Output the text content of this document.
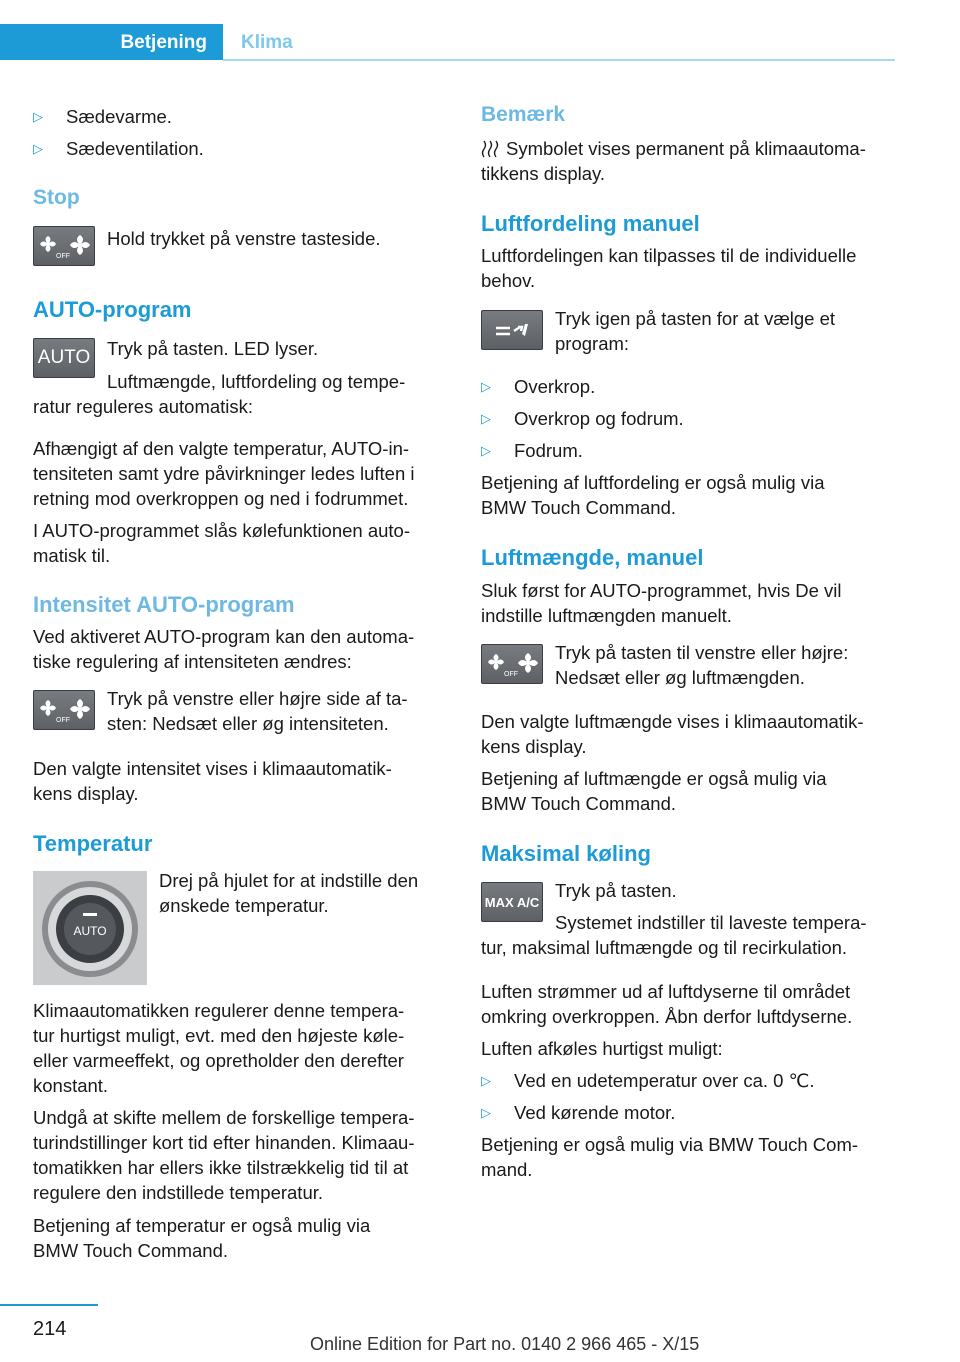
Betjening Klima
▷ Sædevarme.
▷ Sædeventilation.
Stop
OFF
Hold trykket på venstre tasteside.
AUTO-program
AUTO Tryk på tasten. LED lyser.
Luftmængde, luftfordeling og tempe-
ratur reguleres automatisk:
Afhængigt af den valgte temperatur, AUTO-in-
tensiteten samt ydre påvirkninger ledes luften i
retning mod overkroppen og ned i fodrummet.
I AUTO-programmet slås kølefunktionen auto-
matisk til.
Intensitet AUTO-program
Ved aktiveret AUTO-program kan den automa-
tiske regulering af intensiteten ændres:
OFF
Tryk på venstre eller højre side af ta-
sten: Nedsæt eller øg intensiteten.
Den valgte intensitet vises i klimaautomatik-
kens display.
Temperatur
AUTO
Drej på hjulet for at indstille den
ønskede temperatur.
Klimaautomatikken regulerer denne tempera-
tur hurtigst muligt, evt. med den højeste køle-
eller varmeeffekt, og opretholder den derefter
konstant.
Undgå at skifte mellem de forskellige tempera-
turindstillinger kort tid efter hinanden. Klimaau-
tomatikken har ellers ikke tilstrækkelig tid til at
regulere den indstillede temperatur.
Betjening af temperatur er også mulig via
BMW Touch Command.
Bemærk
Symbolet vises permanent på klimaautoma-
tikkens display.
Luftfordeling manuel
Luftfordelingen kan tilpasses til de individuelle
behov.
Tryk igen på tasten for at vælge et
program:
▷ Overkrop.
▷ Overkrop og fodrum.
▷ Fodrum.
Betjening af luftfordeling er også mulig via
BMW Touch Command.
Luftmængde, manuel
Sluk først for AUTO-programmet, hvis De vil
indstille luftmængden manuelt.
OFF
Tryk på tasten til venstre eller højre:
Nedsæt eller øg luftmængden.
Den valgte luftmængde vises i klimaautomatik-
kens display.
Betjening af luftmængde er også mulig via
BMW Touch Command.
Maksimal køling
MAX A/C
Tryk på tasten.
Systemet indstiller til laveste tempera-
tur, maksimal luftmængde og til recirkulation.
Luften strømmer ud af luftdyserne til området
omkring overkroppen. Åbn derfor luftdyserne.
Luften afkøles hurtigst muligt:
▷ Ved en udetemperatur over ca. 0 ℃.
▷ Ved kørende motor.
Betjening er også mulig via BMW Touch Com-
mand.
214
Online Edition for Part no. 0140 2 966 465 - X/15
